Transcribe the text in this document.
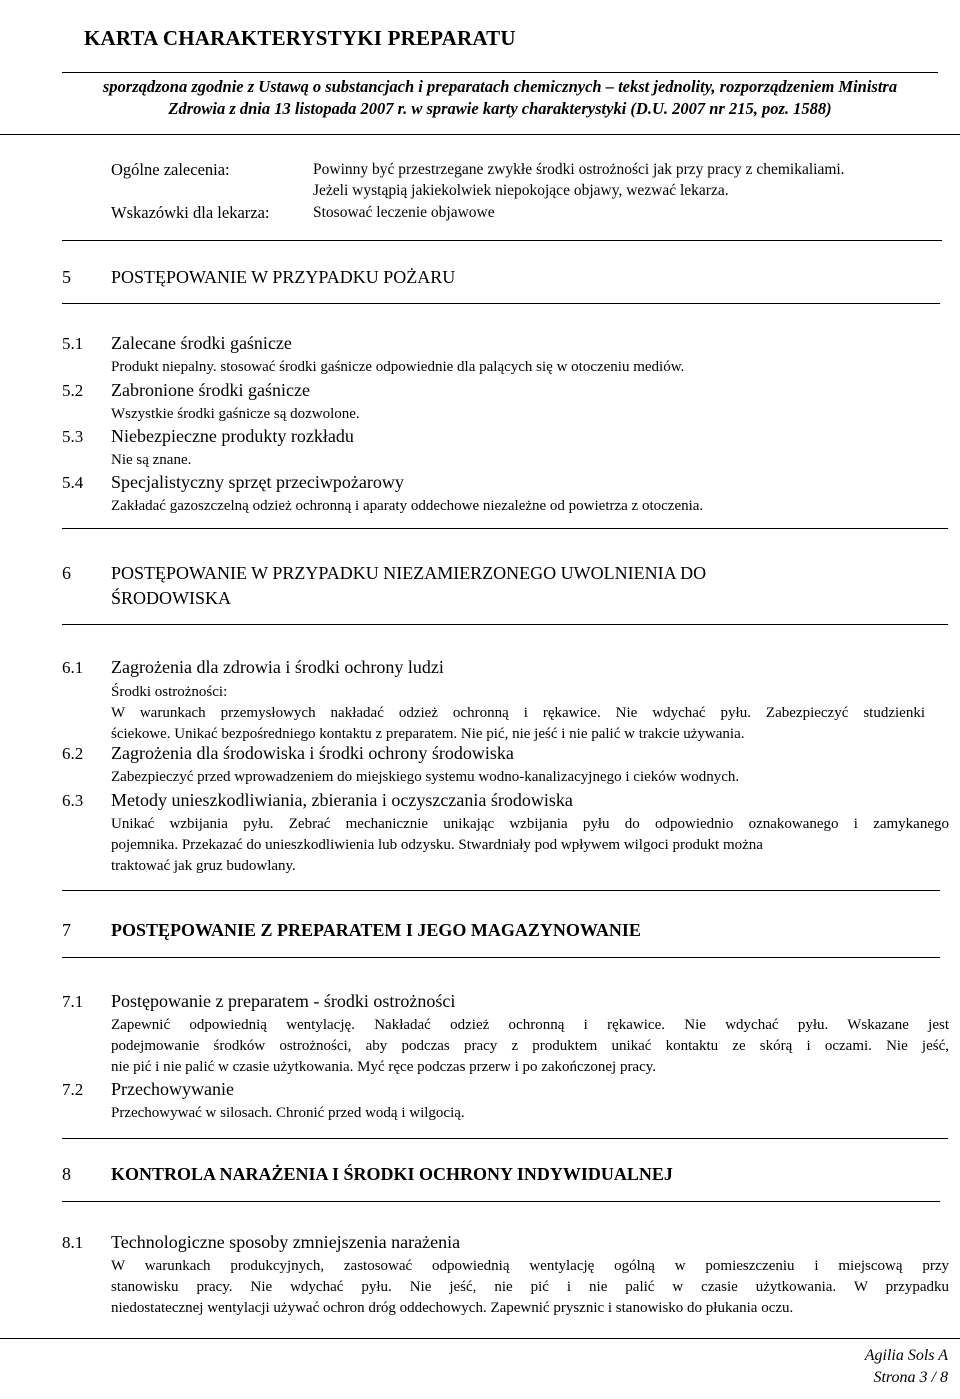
KARTA CHARAKTERYSTYKI PREPARATU
sporządzona zgodnie z Ustawą o substancjach i preparatach chemicznych – tekst jednolity, rozporządzeniem Ministra
Zdrowia z dnia 13 listopada 2007 r. w sprawie karty charakterystyki (D.U. 2007 nr 215, poz. 1588)
Ogólne zalecenia:	Powinny być przestrzegane zwykłe środki ostrożności jak przy pracy z chemikaliami.
Jeżeli wystąpią jakiekolwiek niepokojące objawy, wezwać lekarza.
Wskazówki dla lekarza:	Stosować leczenie objawowe
5 POSTĘPOWANIE W PRZYPADKU POŻARU
5.1 Zalecane środki gaśnicze
Produkt niepalny. stosować środki gaśnicze odpowiednie dla palących się w otoczeniu mediów.
5.2 Zabronione środki gaśnicze
Wszystkie środki gaśnicze są dozwolone.
5.3 Niebezpieczne produkty rozkładu
Nie są znane.
5.4 Specjalistyczny sprzęt przeciwpożarowy
Zakładać gazoszczelną odzież ochronną i aparaty oddechowe niezależne od powietrza z otoczenia.
6 POSTĘPOWANIE W PRZYPADKU NIEZAMIERZONEGO UWOLNIENIA DO
ŚRODOWISKA
6.1 Zagrożenia dla zdrowia i środki ochrony ludzi
Środki ostrożności:
W warunkach przemysłowych nakładać odzież ochronną i rękawice. Nie wdychać pyłu. Zabezpieczyć studzienki
ściekowe. Unikać bezpośredniego kontaktu z preparatem. Nie pić, nie jeść i nie palić w trakcie używania.
6.2 Zagrożenia dla środowiska i środki ochrony środowiska
Zabezpieczyć przed wprowadzeniem do miejskiego systemu wodno-kanalizacyjnego i cieków wodnych.
6.3 Metody unieszkodliwiania, zbierania i oczyszczania środowiska
Unikać wzbijania pyłu. Zebrać mechanicznie unikając wzbijania pyłu do odpowiednio oznakowanego i zamykanego
pojemnika. Przekazać do unieszkodliwienia lub odzysku. Stwardniały pod wpływem wilgoci produkt można
traktować jak gruz budowlany.
7 POSTĘPOWANIE Z PREPARATEM I JEGO MAGAZYNOWANIE
7.1 Postępowanie z preparatem - środki ostrożności
Zapewnić odpowiednią wentylację. Nakładać odzież ochronną i rękawice. Nie wdychać pyłu. Wskazane jest
podejmowanie środków ostrożności, aby podczas pracy z produktem unikać kontaktu ze skórą i oczami. Nie jeść,
nie pić i nie palić w czasie użytkowania. Myć ręce podczas przerw i po zakończonej pracy.
7.2 Przechowywanie
Przechowywać w silosach. Chronić przed wodą i wilgocią.
8 KONTROLA NARAŻENIA I ŚRODKI OCHRONY INDYWIDUALNEJ
8.1 Technologiczne sposoby zmniejszenia narażenia
W warunkach produkcyjnych, zastosować odpowiednią wentylację ogólną w pomieszczeniu i miejscową przy
stanowisku pracy. Nie wdychać pyłu. Nie jeść, nie pić i nie palić w czasie użytkowania. W przypadku
niedostatecznej wentylacji używać ochron dróg oddechowych. Zapewnić prysznic i stanowisko do płukania oczu.
Agilia Sols A
Strona 3 / 8
